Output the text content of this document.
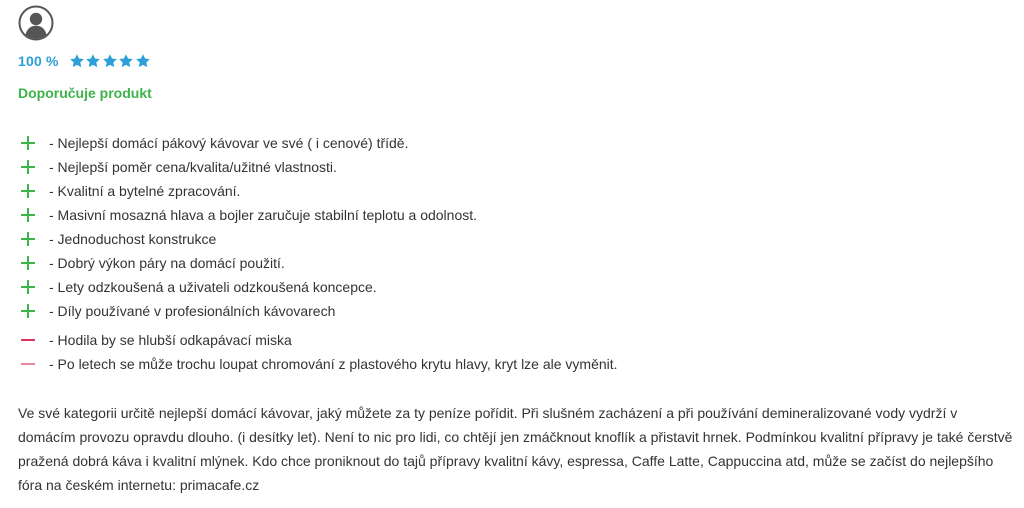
100 %
Doporučuje produkt
- Nejlepší domácí pákový kávovar ve své ( i cenové) třídě.
- Nejlepší poměr cena/kvalita/užitné vlastnosti.
- Kvalitní a bytelné zpracování.
- Masivní mosazná hlava a bojler zaručuje stabilní teplotu a odolnost.
- Jednoduchost konstrukce
- Dobrý výkon páry na domácí použití.
- Lety odzkoušená a uživateli odzkoušená koncepce.
- Díly používané v profesionálních kávovarech
- Hodila by se hlubší odkapávací miska
- Po letech se může trochu loupat chromování z plastového krytu hlavy, kryt lze ale vyměnit.

Ve své kategorii určitě nejlepší domácí kávovar, jaký můžete za ty peníze pořídit. Při slušném zacházení a při používání demineralizované vody vydrží v domácím provozu opravdu dlouho. (i desítky let). Není to nic pro lidi, co chtějí jen zmáčknout knoflík a přistavit hrnek. Podmínkou kvalitní přípravy je také čerstvě pražená dobrá káva i kvalitní mlýnek. Kdo chce proniknout do tajů přípravy kvalitní kávy, espressa, Caffe Latte, Cappuccina atd, může se začíst do nejlepšího fóra na českém internetu: primacafe.cz
